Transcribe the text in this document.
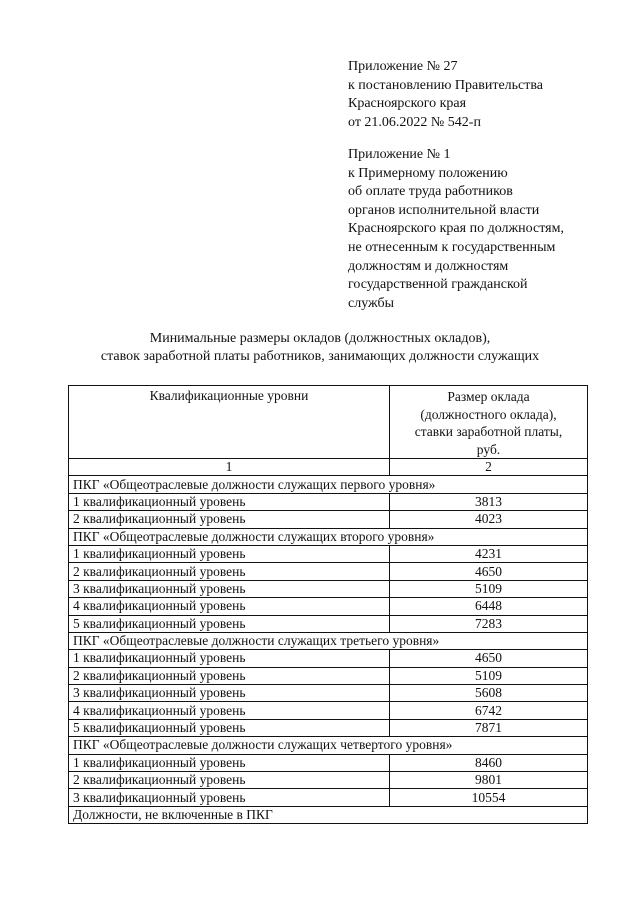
Приложение № 27
к постановлению Правительства
Красноярского края
от 21.06.2022 № 542-п
Приложение № 1
к Примерному положению
об оплате труда работников
органов исполнительной власти
Красноярского края по должностям,
не отнесенным к государственным
должностям и должностям
государственной гражданской
службы
Минимальные размеры окладов (должностных окладов),
ставок заработной платы работников, занимающих должности служащих
Квалификационные уровни	Размер оклада
(должностного оклада),
ставки заработной платы,
руб.

1	2
ПКГ «Общеотраслевые должности служащих первого уровня»	
1 квалификационный уровень	3813
2 квалификационный уровень	4023
ПКГ «Общеотраслевые должности служащих второго уровня»	
1 квалификационный уровень	4231
2 квалификационный уровень	4650
3 квалификационный уровень	5109
4 квалификационный уровень	6448
5 квалификационный уровень	7283
ПКГ «Общеотраслевые должности служащих третьего уровня»	
1 квалификационный уровень	4650
2 квалификационный уровень	5109
3 квалификационный уровень	5608
4 квалификационный уровень	6742
5 квалификационный уровень	7871
ПКГ «Общеотраслевые должности служащих четвертого уровня»	
1 квалификационный уровень	8460
2 квалификационный уровень	9801
3 квалификационный уровень	10554
Должности, не включенные в ПКГ	
